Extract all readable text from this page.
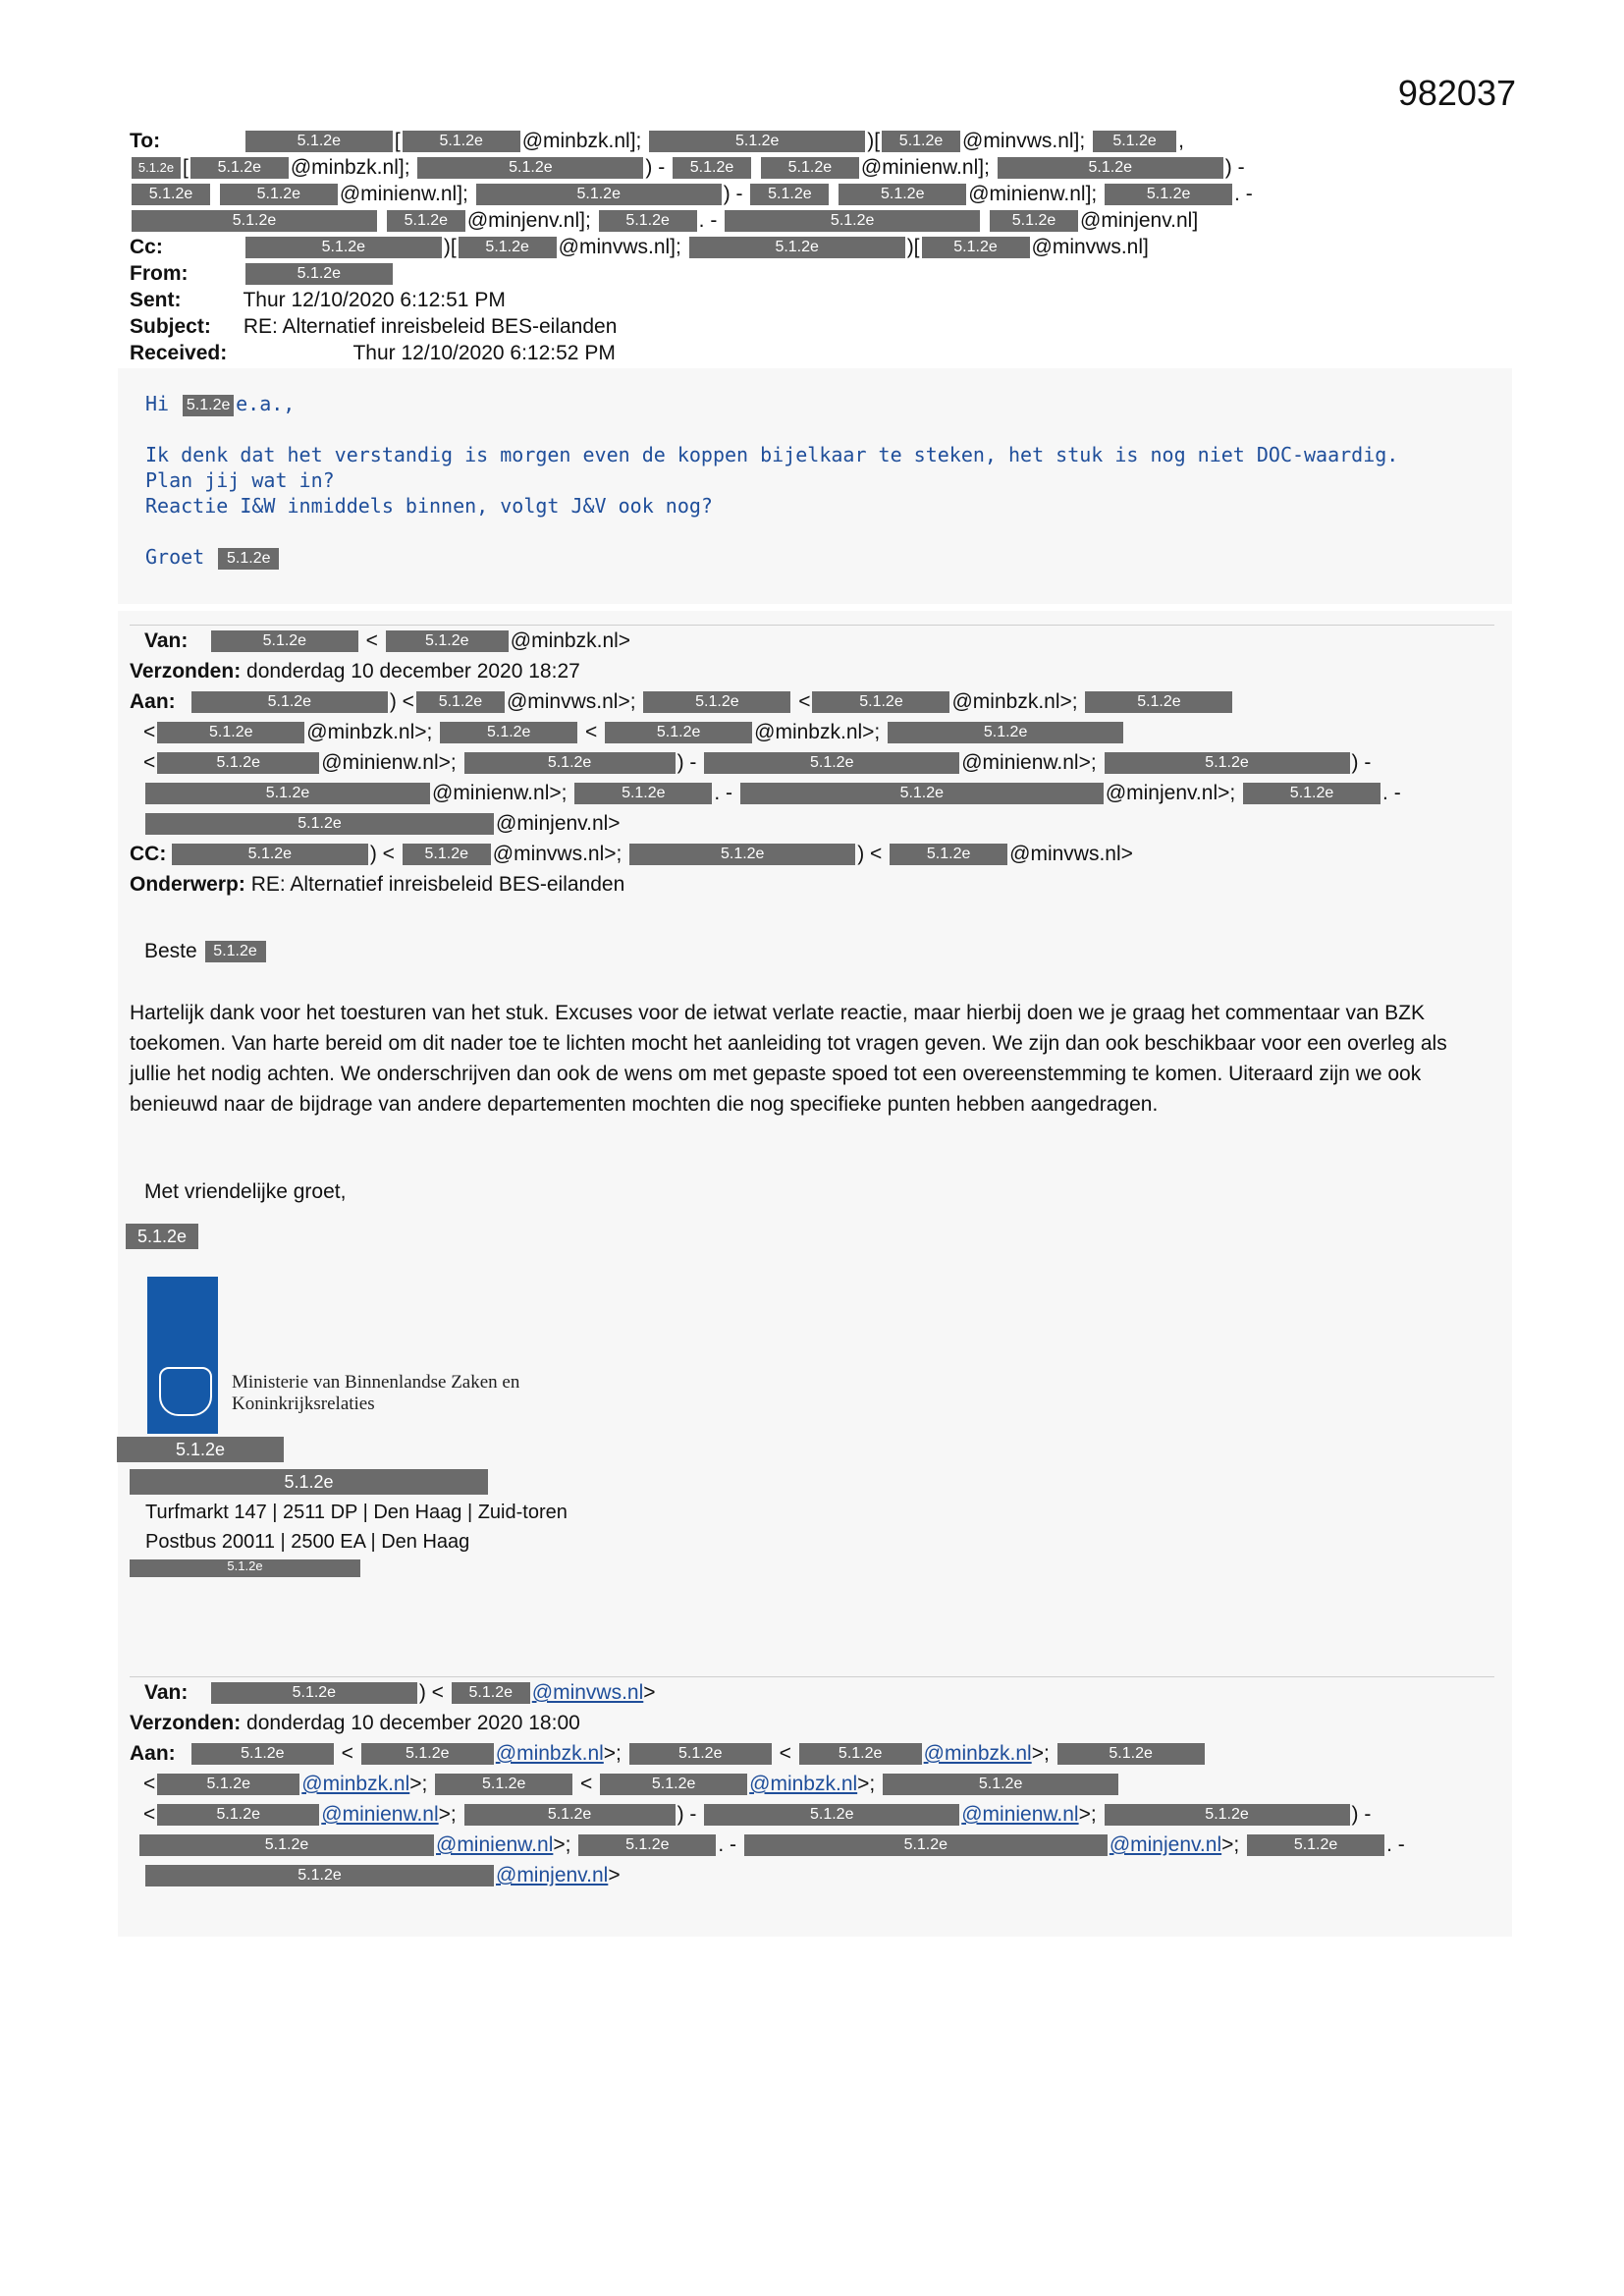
982037
To:	5.1.2e	[ 5.1.2e @minbzk.nl];	5.1.2e	)[ 5.1.2e @minvws.nl]; 5.1.2e ,
5.1.2e [ 5.1.2e @minbzk.nl];	5.1.2e	) - 5.1.2e	5.1.2e @minienw.nl];	5.1.2e	) -
5.1.2e	5.1.2e @minienw.nl];	5.1.2e	) - 5.1.2e	5.1.2e @minienw.nl];	5.1.2e . -
5.1.2e	5.1.2e @minjenv.nl]; 5.1.2e . -	5.1.2e	5.1.2e @minjenv.nl]
Cc:	5.1.2e	)[ 5.1.2e @minvws.nl];	5.1.2e	)[ 5.1.2e @minvws.nl]
From:	5.1.2e
Sent:	Thur 12/10/2020 6:12:51 PM
Subject: RE: Alternatief inreisbeleid BES-eilanden
Received:	Thur 12/10/2020 6:12:52 PM
Hi 5.1.2e e.a.,
Ik denk dat het verstandig is morgen even de koppen bijelkaar te steken, het stuk is nog niet DOC-waardig.
Plan jij wat in?
Reactie I&W inmiddels binnen, volgt J&V ook nog?
Groet 5.1.2e
Van:	5.1.2e	<	5.1.2e @minbzk.nl>
Verzonden: donderdag 10 december 2020 18:27
Aan:	5.1.2e	) < 5.1.2e @minvws.nl>;	5.1.2e	<	5.1.2e @minbzk.nl>;	5.1.2e
<	5.1.2e	@minbzk.nl>;	5.1.2e <	5.1.2e	@minbzk.nl>;	5.1.2e
<	5.1.2e	@minienw.nl>;	5.1.2e	) -	5.1.2e	@minienw.nl>;	5.1.2e	) -
5.1.2e	@minienw.nl>;	5.1.2e . -	5.1.2e	@minjenv.nl>;	5.1.2e . -
5.1.2e	@minjenv.nl>
CC:	5.1.2e	) < 5.1.2e @minvws.nl>;	5.1.2e	) < 5.1.2e @minvws.nl>
Onderwerp: RE: Alternatief inreisbeleid BES-eilanden
Beste 5.1.2e
Hartelijk dank voor het toesturen van het stuk. Excuses voor de ietwat verlate reactie, maar hierbij doen we je graag het commentaar van BZK toekomen. Van harte bereid om dit nader toe te lichten mocht het aanleiding tot vragen geven. We zijn dan ook beschikbaar voor een overleg als jullie het nodig achten. We onderschrijven dan ook de wens om met gepaste spoed tot een overeenstemming te komen. Uiteraard zijn we ook benieuwd naar de bijdrage van andere departementen mochten die nog specifieke punten hebben aangedragen.
Met vriendelijke groet,
5.1.2e
Ministerie van Binnenlandse Zaken en
Koninkrijksrelaties
5.1.2e
5.1.2e
Turfmarkt 147 | 2511 DP | Den Haag | Zuid-toren
Postbus 20011 | 2500 EA | Den Haag
5.1.2e
Van:	5.1.2e	) < 5.1.2e @minvws.nl>
Verzonden: donderdag 10 december 2020 18:00
Aan:	5.1.2e <	5.1.2e @minbzk.nl>;	5.1.2e <	5.1.2e @minbzk.nl>;	5.1.2e
<	5.1.2e @minbzk.nl>;	5.1.2e <	5.1.2e	@minbzk.nl>;	5.1.2e
<	5.1.2e	@minienw.nl>;	5.1.2e	) -	5.1.2e	@minienw.nl>;	5.1.2e	) -
5.1.2e	@minienw.nl>;	5.1.2e . -	5.1.2e	@minjenv.nl>;	5.1.2e . -
5.1.2e	@minjenv.nl>
